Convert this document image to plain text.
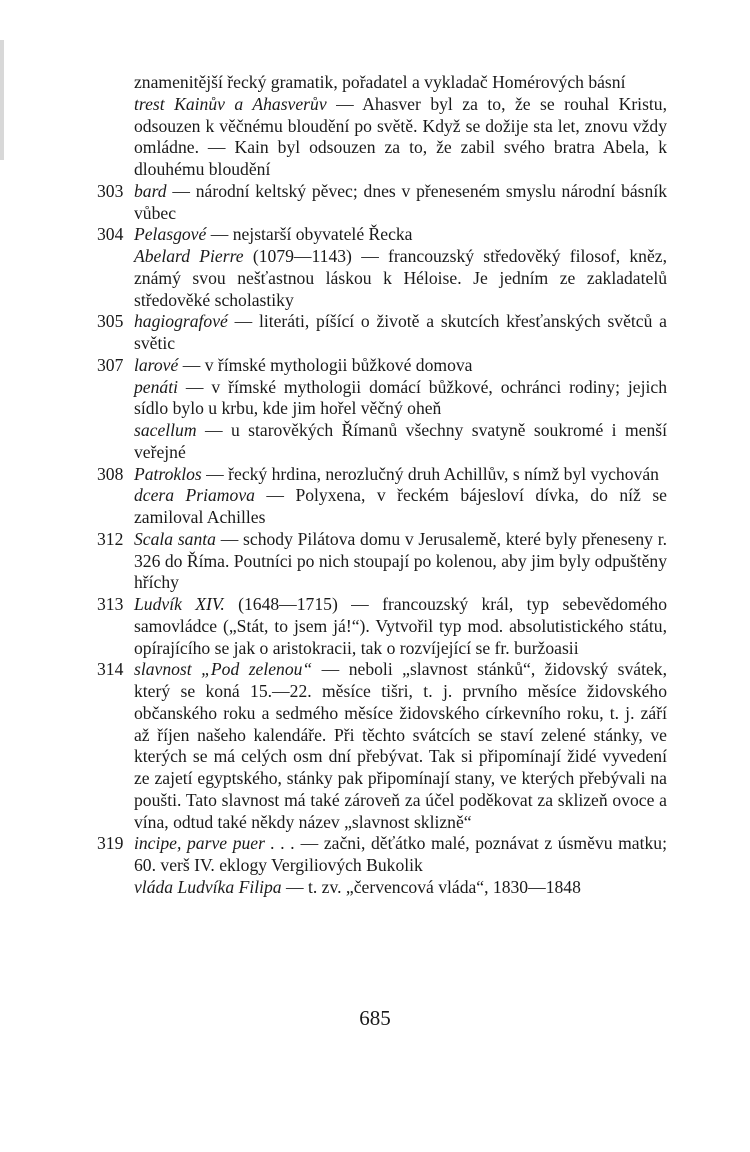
znamenitější řecký gramatik, pořadatel a vykladač Homérových básní
trest Kainův a Ahasverův — Ahasver byl za to, že se rouhal Kristu, odsouzen k věčnému bloudění po světě. Když se dožije sta let, znovu vždy omládne. — Kain byl odsouzen za to, že zabil svého bratra Abela, k dlouhému bloudění
303 bard — národní keltský pěvec; dnes v přeneseném smyslu národní básník vůbec
304 Pelasgové — nejstarší obyvatelé Řecka
Abelard Pierre (1079—1143) — francouzský středověký filosof, kněz, známý svou nešťastnou láskou k Héloise. Je jedním ze zakladatelů středověké scholastiky
305 hagiografové — literáti, píšící o životě a skutcích křesťanských světců a světic
307 larové — v římské mythologii bůžkové domova
penáti — v římské mythologii domácí bůžkové, ochránci rodiny; jejich sídlo bylo u krbu, kde jim hořel věčný oheň
sacellum — u starověkých Římanů všechny svatyně soukromé i menší veřejné
308 Patroklos — řecký hrdina, nerozlučný druh Achillův, s nímž byl vychován
dcera Priamova — Polyxena, v řeckém bájesloví dívka, do níž se zamiloval Achilles
312 Scala santa — schody Pilátova domu v Jerusalemě, které byly přeneseny r. 326 do Říma. Poutníci po nich stoupají po kolenou, aby jim byly odpuštěny hříchy
313 Ludvík XIV. (1648—1715) — francouzský král, typ sebevědomého samovládce („Stát, to jsem já!“). Vytvořil typ mod. absolutistického státu, opírajícího se jak o aristokracii, tak o rozvíjející se fr. buržoasii
314 slavnost „Pod zelenou“ — neboli „slavnost stánků“, židovský svátek, který se koná 15.—22. měsíce tišri, t. j. prvního měsíce židovského občanského roku a sedmého měsíce židovského církevního roku, t. j. září až říjen našeho kalendáře. Při těchto svátcích se staví zelené stánky, ve kterých se má celých osm dní přebývat. Tak si připomínají židé vyvedení ze zajetí egyptského, stánky pak připomínají stany, ve kterých přebývali na poušti. Tato slavnost má také zároveň za účel poděkovat za sklizeň ovoce a vína, odtud také někdy název „slavnost sklizně“
319 incipe, parve puer . . . — začni, děťátko malé, poznávat z úsměvu matku; 60. verš IV. eklogy Vergiliových Bukolik
vláda Ludvíka Filipa — t. zv. „červencová vláda“, 1830—1848
685
